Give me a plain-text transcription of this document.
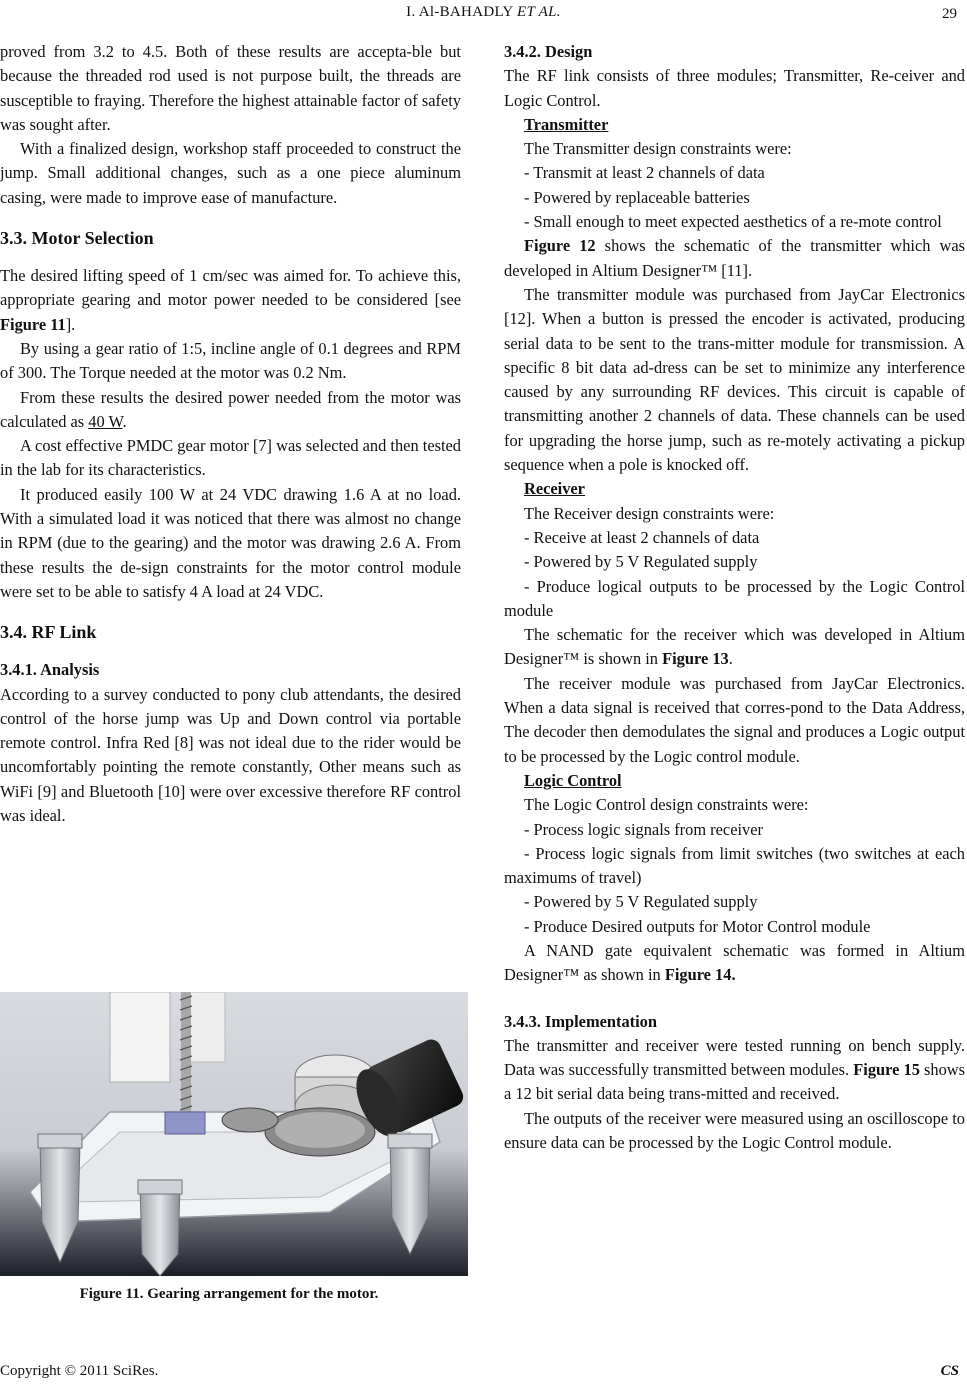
I. Al-BAHADLY ET AL.	29

proved from 3.2 to 4.5. Both of these results are accepta-ble but because the threaded rod used is not purpose built, the threads are susceptible to fraying. Therefore the highest attainable factor of safety was sought after.

With a finalized design, workshop staff proceeded to construct the jump. Small additional changes, such as a one piece aluminum casing, were made to improve ease of manufacture.

3.3. Motor Selection

The desired lifting speed of 1 cm/sec was aimed for. To achieve this, appropriate gearing and motor power needed to be considered [see Figure 11].

By using a gear ratio of 1:5, incline angle of 0.1 degrees and RPM of 300. The Torque needed at the motor was 0.2 Nm.

From these results the desired power needed from the motor was calculated as 40 W.

A cost effective PMDC gear motor [7] was selected and then tested in the lab for its characteristics.

It produced easily 100 W at 24 VDC drawing 1.6 A at no load. With a simulated load it was noticed that there was almost no change in RPM (due to the gearing) and the motor was drawing 2.6 A. From these results the de-sign constraints for the motor control module were set to be able to satisfy 4 A load at 24 VDC.

3.4. RF Link
3.4.1. Analysis

According to a survey conducted to pony club attendants, the desired control of the horse jump was Up and Down control via portable remote control. Infra Red [8] was not ideal due to the rider would be uncomfortably pointing the remote constantly, Other means such as WiFi [9] and Bluetooth [10] were over excessive therefore RF control was ideal.

Figure 11. Gearing arrangement for the motor.
3.4.2. Design

The RF link consists of three modules; Transmitter, Re-ceiver and Logic Control.

Transmitter

The Transmitter design constraints were:

- Transmit at least 2 channels of data

- Powered by replaceable batteries

- Small enough to meet expected aesthetics of a re-mote control

Figure 12 shows the schematic of the transmitter which was developed in Altium Designer™ [11].

The transmitter module was purchased from JayCar Electronics [12]. When a button is pressed the encoder is activated, producing serial data to be sent to the trans-mitter module for transmission. A specific 8 bit data ad-dress can be set to minimize any interference caused by any surrounding RF devices. This circuit is capable of transmitting another 2 channels of data. These channels can be used for upgrading the horse jump, such as re-motely activating a pickup sequence when a pole is knocked off.

Receiver

The Receiver design constraints were:

- Receive at least 2 channels of data

- Powered by 5 V Regulated supply

- Produce logical outputs to be processed by the Logic Control module

The schematic for the receiver which was developed in Altium Designer™ is shown in Figure 13.

The receiver module was purchased from JayCar Electronics. When a data signal is received that corres-pond to the Data Address, The decoder then demodulates the signal and produces a Logic output to be processed by the Logic control module.

Logic Control

The Logic Control design constraints were:

- Process logic signals from receiver

- Process logic signals from limit switches (two switches at each maximums of travel)

- Powered by 5 V Regulated supply

- Produce Desired outputs for Motor Control module

A NAND gate equivalent schematic was formed in Altium Designer™ as shown in Figure 14.

3.4.3. Implementation

The transmitter and receiver were tested running on bench supply. Data was successfully transmitted between modules. Figure 15 shows a 12 bit serial data being trans-mitted and received.

The outputs of the receiver were measured using an oscilloscope to ensure data can be processed by the Logic Control module.

Copyright © 2011 SciRes.	CS
